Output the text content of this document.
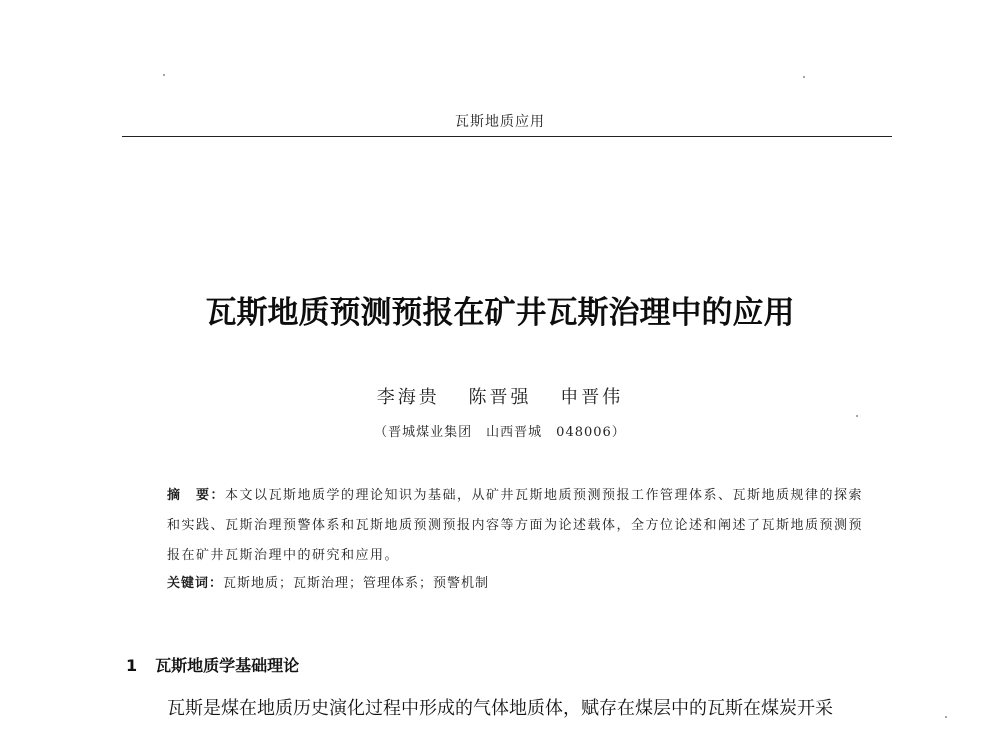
瓦斯地质应用
瓦斯地质预测预报在矿井瓦斯治理中的应用
李海贵 陈晋强 申晋伟
（晋城煤业集团　山西晋城　048006）
摘　要：本文以瓦斯地质学的理论知识为基础，从矿井瓦斯地质预测预报工作管理体系、瓦斯地质规律的探索和实践、瓦斯治理预警体系和瓦斯地质预测预报内容等方面为论述载体，全方位论述和阐述了瓦斯地质预测预报在矿井瓦斯治理中的研究和应用。
关键词：瓦斯地质；瓦斯治理；管理体系；预警机制
1 瓦斯地质学基础理论
瓦斯是煤在地质历史演化过程中形成的气体地质体，赋存在煤层中的瓦斯在煤炭开采
